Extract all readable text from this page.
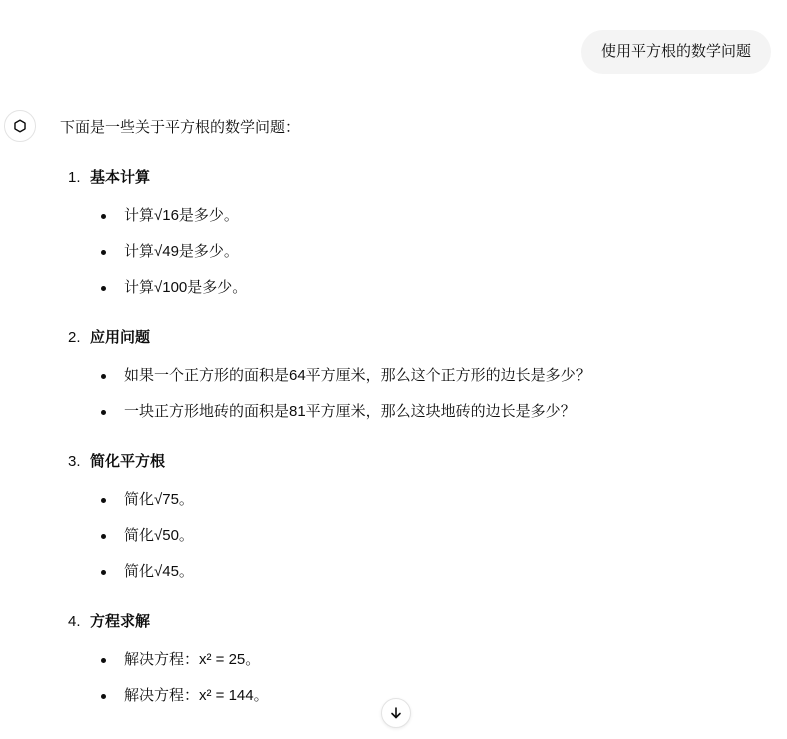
使用平方根的数学问题

下面是一些关于平方根的数学问题：

1. 基本计算
计算√16是多少。
计算√49是多少。
计算√100是多少。
2. 应用问题
如果一个正方形的面积是64平方厘米，那么这个正方形的边长是多少？
一块正方形地砖的面积是81平方厘米，那么这块地砖的边长是多少？
3. 简化平方根
简化√75。
简化√50。
简化√45。
4. 方程求解
解决方程：x² = 25。
解决方程：x² = 144。
